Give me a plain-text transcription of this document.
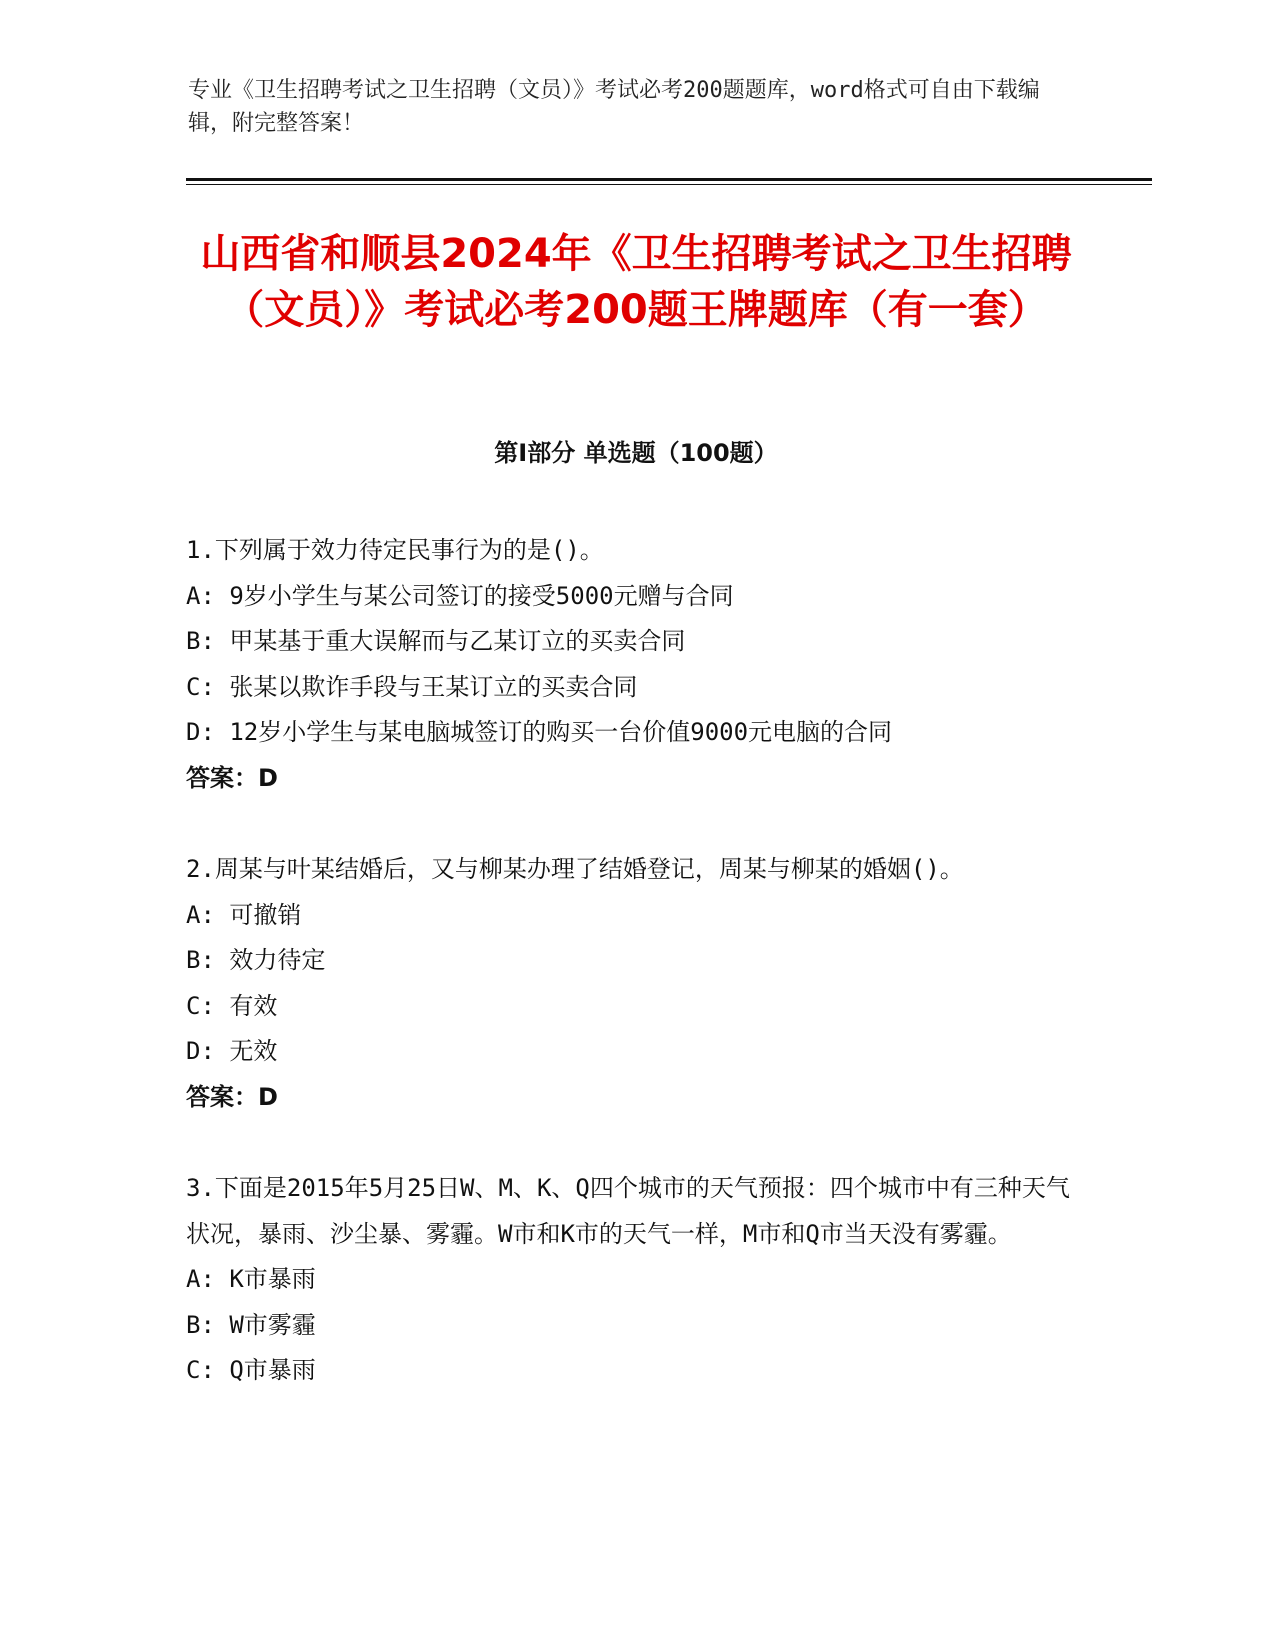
专业《卫生招聘考试之卫生招聘（文员）》考试必考200题题库，word格式可自由下载编辑，附完整答案！
山西省和顺县2024年《卫生招聘考试之卫生招聘（文员）》考试必考200题王牌题库（有一套）
第I部分 单选题（100题）
1.下列属于效力待定民事行为的是()。
A: 9岁小学生与某公司签订的接受5000元赠与合同
B: 甲某基于重大误解而与乙某订立的买卖合同
C: 张某以欺诈手段与王某订立的买卖合同
D: 12岁小学生与某电脑城签订的购买一台价值9000元电脑的合同
答案：D
2.周某与叶某结婚后，又与柳某办理了结婚登记，周某与柳某的婚姻()。
A: 可撤销
B: 效力待定
C: 有效
D: 无效
答案：D
3.下面是2015年5月25日W、M、K、Q四个城市的天气预报：四个城市中有三种天气状况，暴雨、沙尘暴、雾霾。W市和K市的天气一样，M市和Q市当天没有雾霾。
A: K市暴雨
B: W市雾霾
C: Q市暴雨
